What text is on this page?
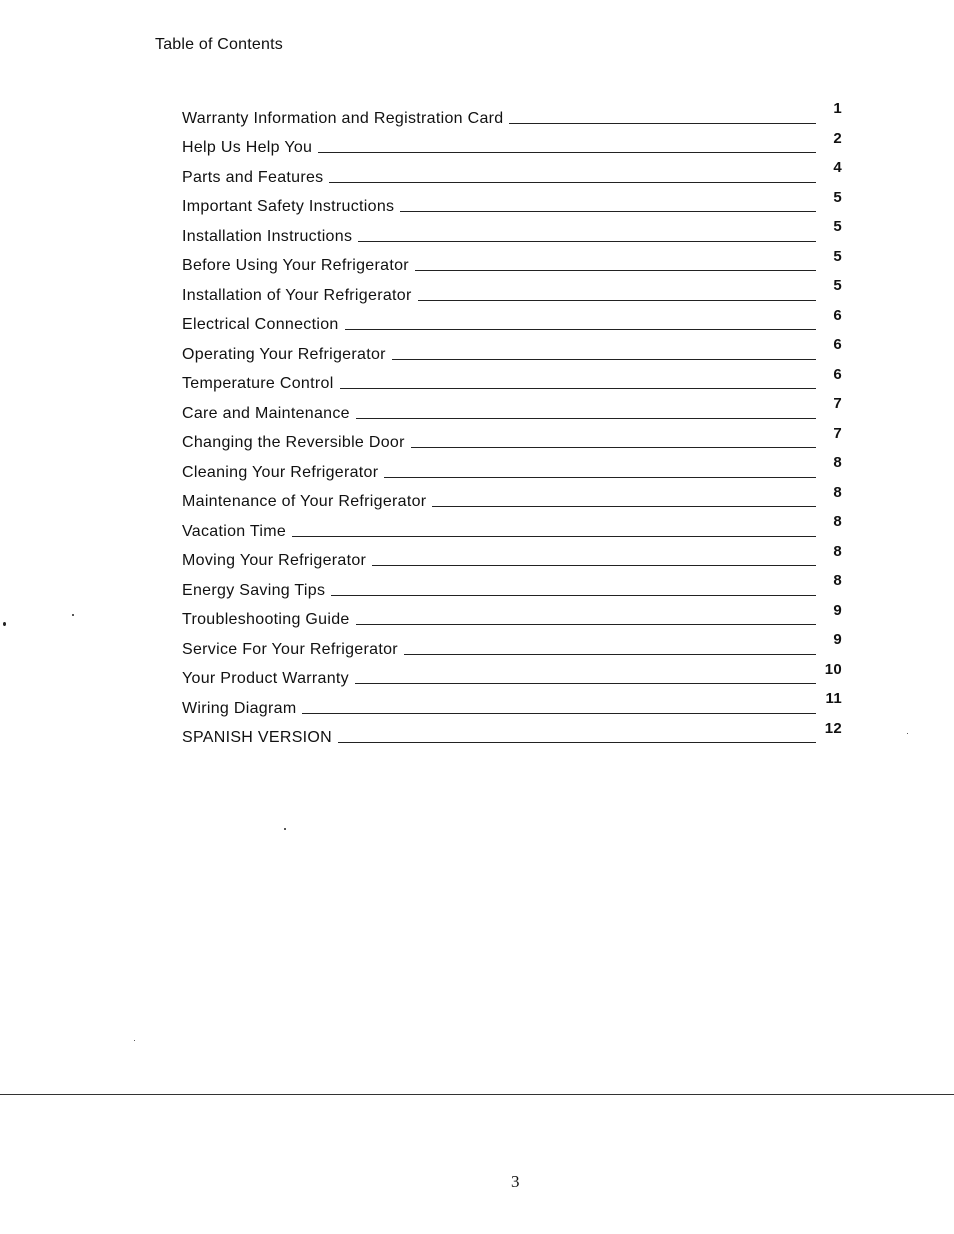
Table of Contents
Warranty Information and Registration Card
1
Help Us Help You
2
Parts and Features
4
Important Safety Instructions
5
Installation Instructions
5
Before Using Your Refrigerator
5
Installation of Your Refrigerator
5
Electrical Connection
6
Operating Your Refrigerator
6
Temperature Control
6
Care and Maintenance
7
Changing the Reversible Door
7
Cleaning Your Refrigerator
8
Maintenance of Your Refrigerator
8
Vacation Time
8
Moving Your Refrigerator
8
Energy Saving Tips
8
Troubleshooting Guide
9
Service For Your Refrigerator
9
Your Product Warranty
10
Wiring Diagram
11
SPANISH VERSION
12
3
